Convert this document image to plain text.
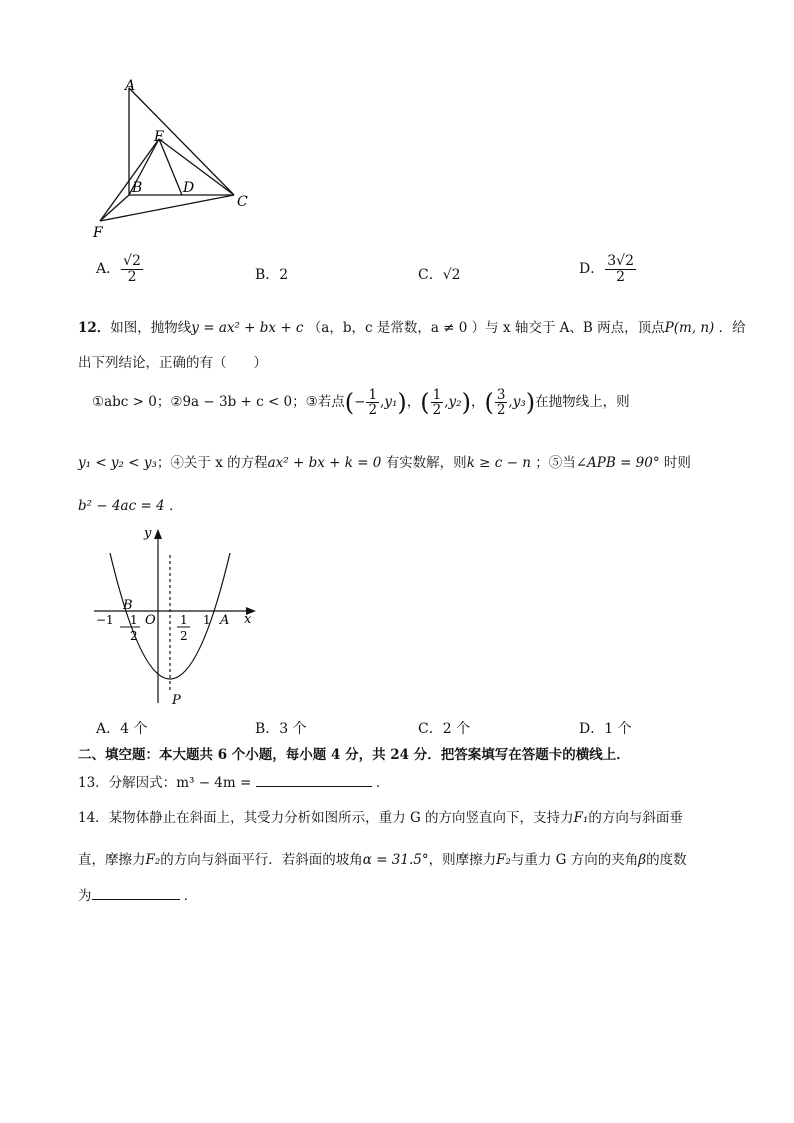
A
E
B	D
C
F
A． $\frac{√2}{2}$	B．2	C．√2	D． $\frac{3√2}{2}$
12．如图，抛物线y = ax² + bx + c （a，b，c 是常数，a ≠ 0 ）与 x 轴交于 A、B 两点，顶点P(m, n) ．给
出下列结论，正确的有（　　）
①abc > 0；②9a − 3b + c < 0；③若点(− $\frac{1}{2} ,y_1$)，( $\frac{1}{2} ,y_2$)，( $\frac{3}{2} ,y_3$)在抛物线上，则
y₁ < y₂ < y₃；④关于 x 的方程ax² + bx + k = 0 有实数解，则k ≥ c − n ；⑤当∠APB = 90° 时则
b² − 4ac = 4 ．
y
x
B
A
O
P
−1	1
1
2
1
2
A．4 个	B．3 个	C．2 个	D．1 个
二、填空题：本大题共 6 个小题，每小题 4 分，共 24 分．把答案填写在答题卡的横线上．
13．分解因式：m³ − 4m =	．
14．某物体静止在斜面上，其受力分析如图所示，重力 G 的方向竖直向下，支持力F₁的方向与斜面垂
直，摩擦力F₂的方向与斜面平行．若斜面的坡角α = 31.5°，则摩擦力F₂与重力 G 方向的夹角β的度数
为	．
